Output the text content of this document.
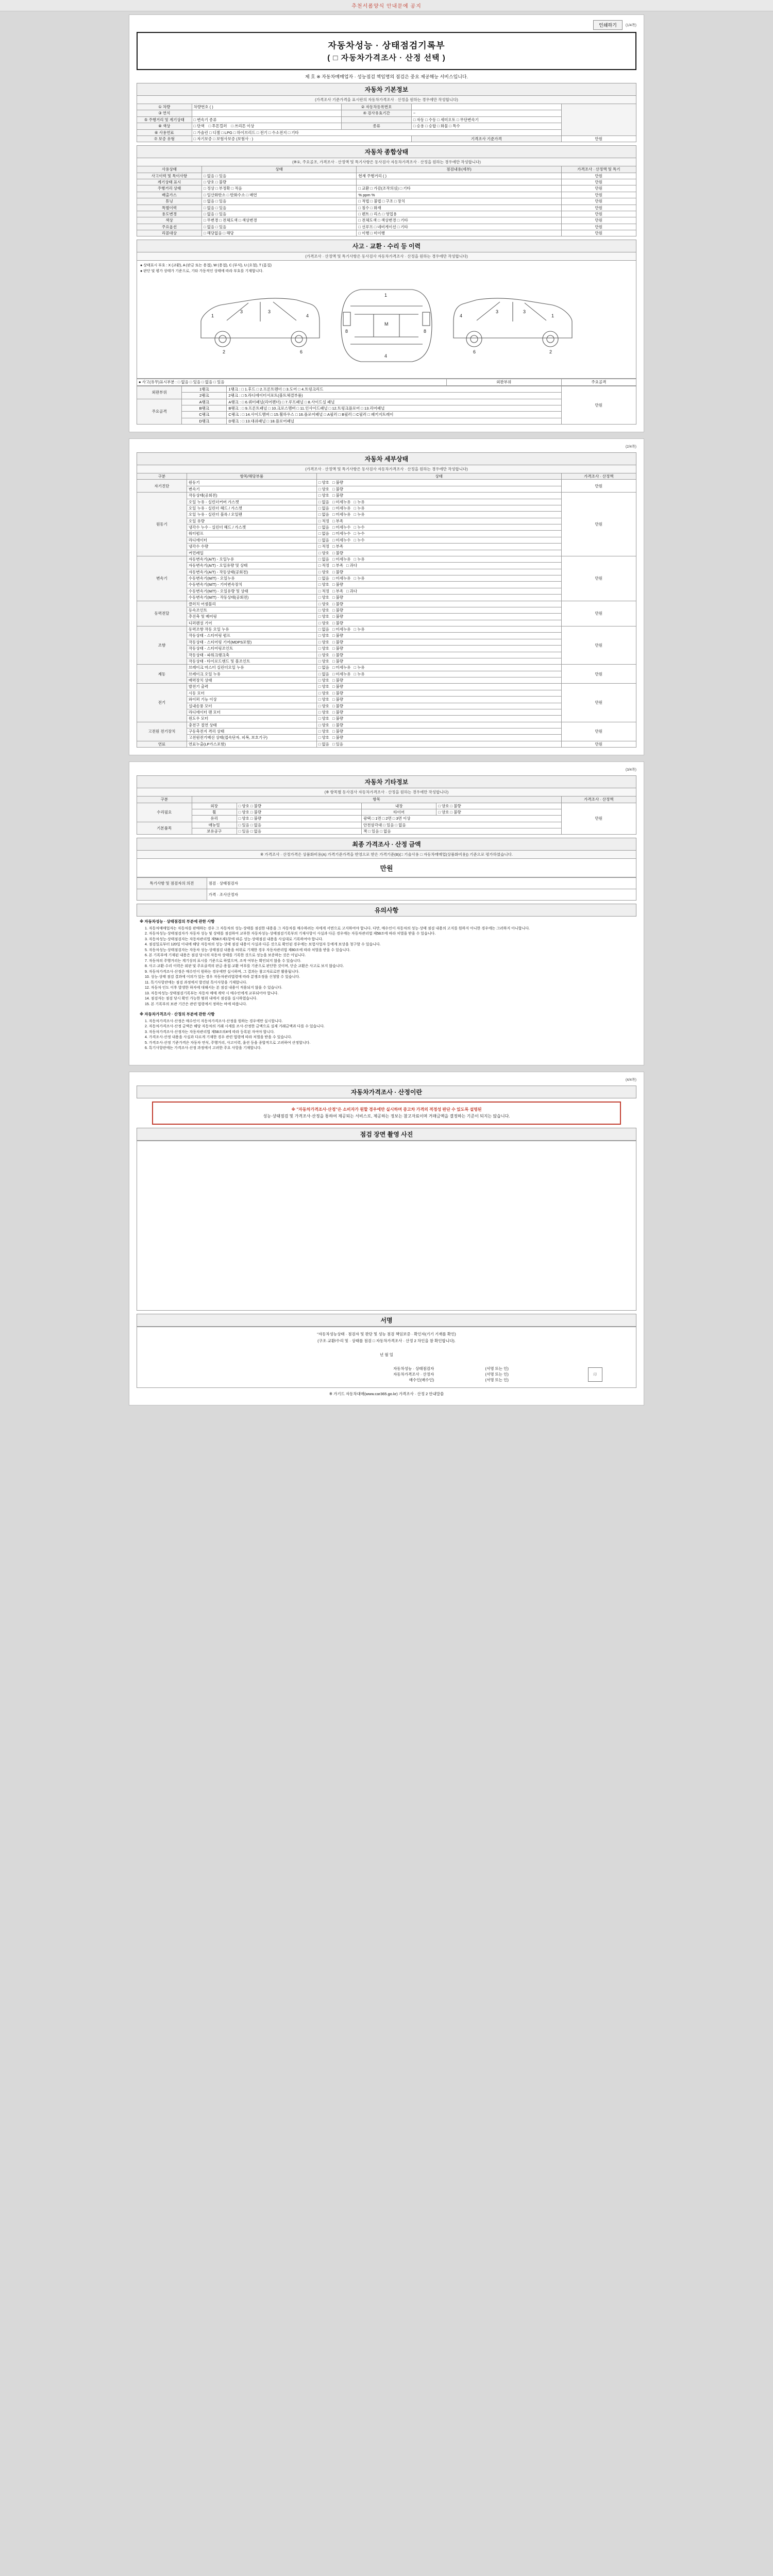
추천서폼양식 안내문예 공지
인쇄하기	(1/4쪽)
자동차성능 · 상태점검기록부
( □ 자동차가격조사 · 산정 선택 )
제 호 ※ 자동차매매업자 · 성능점검 책임명의 점검은 중요 제공해능 서비스입니다.
자동차 기본정보
(가격조사 기준가격을 표시란의 자동차가격조사 · 산정을 원하는 경우에만 작성합니다)
① 차량	차량번호 ( )	② 자동차등록번호		
③ 연식		④ 검사유효기간	~	
⑤ 주행거리 및 계기상태	□ 변속기 종류		□ 자동 □ 수동 □ 세미오토 □ 무단변속기	
⑧ 색상	□ 단색 □ 투톤컬러 □ 쓰리톤 이상	종류	□ 승용 □ 승합 □ 화물 □ 특수	
⑥ 사용연료	□ 가솔린 □ 디젤 □ LPG □ 하이브리드 □ 전기 □ 수소전지 □ 기타			
⑦ 보증 유형	□ 자기보증 □ 보험사보증 (보험사 : )		기격조사 기준가격	만원
자동차 종합상태
(※①, 주요골조, 가격조사 · 산정액 및 특기사항은 동사검사 자동차가격조사 · 산정을 원하는 경우에만 작성합니다)
사용상태	상태	점검내용(세부)	가격조사 · 산정액 및 특기
사고이력 및 특이사항	□ 없음 □ 있음	현재 주행거리 ( )	만원
계기상태 표시	□ 양호 □ 불량		만원
주행거리 상태	□ 정상 □ 부정확 □ 적음	□ 교환 □ 가감(조작의심) □ 기타	만원
배출가스	□ 일산화탄소 □ 탄화수소 □ 매연	% ppm %	만원
튜닝	□ 없음 □ 있음	□ 적법 □ 불법 □ 구조 □ 장치	만원
특별이력	□ 없음 □ 있음	□ 침수 □ 화재	만원
용도변경	□ 없음 □ 있음	□ 렌트 □ 리스 □ 영업용	만원
색상	□ 무변경 □ 전체도색 □ 색상변경	□ 전체도색 □ 색상변경 □ 기타	만원
주요옵션	□ 없음 □ 있음	□ 선루프 □ 네비게이션 □ 기타	만원
리콜대상	□ 해당없음 □ 해당	□ 이행 □ 미이행	만원
사고 · 교환 · 수리 등 이력
(가격조사 · 산정액 및 특기사항은 동사검사 자동차가격조사 · 산정을 원하는 경우에만 작성합니다)
● 상태표시 부호 : X (교환), A (판금 또는 용접), W (용접), C (부식), U (요철), T (흠집)
● 판단 및 평가 상태가 기준으로, 기타 가동적인 상태에 따라 부호를 기재합니다.
1
3	3
4
2	6
1
M
4
8	8
1
3
3
4
2
6
● 사고(유무)표시부분 : □ 없음 □ 있음 □ 없음 □ 있음	외판부위	주요골격
외판부위	1랭크	1랭크 : □ 1.후드 □ 2.프론트펜더 □ 3.도어 □ 4.트렁크리드	만원
	2랭크	2랭크 : □ 5.라디에이터서포트(볼트체결부품)	
주요골격	A랭크	A랭크 : □ 6.쿼터패널(리어펜더) □ 7.루프패널 □ 8.사이드실 패널	
	B랭크	B랭크 : □ 9.프론트패널 □ 10.크로스멤버 □ 11.인사이드패널 □ 12.트렁크플로어 □ 13.리어패널	
	C랭크	C랭크 : □ 14.사이드멤버 □ 15.휠하우스 □ 16.플로어패널 □ A필러 □ B필러 □ C필러 □ 패키지트레이	
	D랭크	D랭크 : □ 13.대쉬패널 □ 18.플로어패널	
(2/4쪽)
자동차 세부상태
(가격조사 · 산정액 및 특기사항은 동사검사 자동차가격조사 · 산정을 원하는 경우에만 작성합니다)
구분	항목/해당부품	상태	가격조사 · 산정액
자기진단	원동기	□ 양호 □ 불량	만원
	변속기	□ 양호 □ 불량	
원동기	작동상태(공회전)	□ 양호 □ 불량	만원
	오일 누유 - 실린더커버 가스켓	□ 없음 □ 미세누유 □ 누유	
	오일 누유 - 실린더 헤드 / 가스켓	□ 없음 □ 미세누유 □ 누유	
	오일 누유 - 실린더 블록 / 오일팬	□ 없음 □ 미세누유 □ 누유	
	오일 유량	□ 적정 □ 부족	
	냉각수 누수 - 실린더 헤드 / 가스켓	□ 없음 □ 미세누수 □ 누수	
	워터펌프	□ 없음 □ 미세누수 □ 누수	
	라디에이터	□ 없음 □ 미세누수 □ 누수	
	냉각수 수량	□ 적정 □ 부족	
	커먼레일	□ 양호 □ 불량	
변속기	자동변속기(A/T) - 오일누유	□ 없음 □ 미세누유 □ 누유	만원
	자동변속기(A/T) - 오일유량 및 상태	□ 적정 □ 부족 □ 과다	
	자동변속기(A/T) - 작동상태(공회전)	□ 양호 □ 불량	
	수동변속기(M/T) - 오일누유	□ 없음 □ 미세누유 □ 누유	
	수동변속기(M/T) - 기어변속장치	□ 양호 □ 불량	
	수동변속기(M/T) - 오일유량 및 상태	□ 적정 □ 부족 □ 과다	
	수동변속기(M/T) - 작동상태(공회전)	□ 양호 □ 불량	
동력전달	클러치 어셈블리	□ 양호 □ 불량	만원
	등속조인트	□ 양호 □ 불량	
	추진축 및 베어링	□ 양호 □ 불량	
	디퍼렌셜 기어	□ 양호 □ 불량	
조향	동력조향 작동 오일 누유	□ 없음 □ 미세누유 □ 누유	만원
	작동상태 - 스티어링 펌프	□ 양호 □ 불량	
	작동상태 - 스티어링 기어(MDPS포함)	□ 양호 □ 불량	
	작동상태 - 스티어링조인트	□ 양호 □ 불량	
	작동상태 - 파워크랭크축	□ 양호 □ 불량	
	작동상태 - 타이로드엔드 및 볼조인트	□ 양호 □ 불량	
제동	브레이크 마스터 실린더오일 누유	□ 없음 □ 미세누유 □ 누유	만원
	브레이크 오일 누유	□ 없음 □ 미세누유 □ 누유	
	배력장치 상태	□ 양호 □ 불량	
전기	발전기 출력	□ 양호 □ 불량	만원
	시동 모터	□ 양호 □ 불량	
	와이퍼 기능 이상	□ 양호 □ 불량	
	실내송풍 모터	□ 양호 □ 불량	
	라디에이터 팬 모터	□ 양호 □ 불량	
	윈도우 모터	□ 양호 □ 불량	
고전원 전기장치	충전구 절연 상태	□ 양호 □ 불량	만원
	구동축전지 격리 상태	□ 양호 □ 불량	
	고전원전기배선 상태(접속단자, 피복, 보호기구)	□ 양호 □ 불량	
연료	연료누출(LP가스포함)	□ 없음 □ 있음	만원
(3/4쪽)
자동차 기타정보
(※ 항목별 동사검사 자동차가격조사 · 산정을 원하는 경우에만 작성합니다)
구분	항목				가격조사 · 산정액
수리필요	외장	□ 양호 □ 불량	내장	□ 양호 □ 불량	만원
	휠	□ 양호 □ 불량	타이어	□ 양호 □ 불량	
	유리	□ 양호 □ 불량	광택 □ 1면 □ 2면 □ 3면 이상		
기본품목	매뉴얼	□ 있음 □ 없음	안전삼각대 □ 있음 □ 없음		
	보유공구	□ 있음 □ 없음	잭 □ 있음 □ 없음		
최종 가격조사 · 산정 금액
※ 가격조사 · 산정가격은 상품화비용(A) 가격기준가격을 반영으로 받은 가격기준(B)(□ 기술사용 □ 자동차매매업(상품화비용)) 기준으로 평가하였습니다.
만원
특기사항 및 점검자의 의견	점검 · 상태점검자
	가격 · 조사산정자
유의사항
※ 자동차성능 · 상태점검의 부분에 관한 사항
1. 자동차매매업자는 자동차를 판매하는 경우 그 자동차의 성능·상태를 점검한 내용을 그 자동차를 매수하려는 자에게 서면으로 고지하여야 합니다. 다만, 매수인이 자동차의 성능·상태 점검 내용의 고지를 원하지 아니한 경우에는 그러하지 아니합니다.
2. 자동차성능·상태점검자가 자동차 성능 및 상태를 점검하여 교부한 자동차성능·상태점검기록부의 기재사항이 사실과 다른 경우에는 자동차관리법 제58조에 따라 처벌을 받을 수 있습니다.
3. 자동차성능·상태점검자는 자동차관리법 제58조제1항에 따른 성능·상태점검 내용을 사실대로 기록하여야 합니다.
4. 점검일로부터 120일 이내에 해당 자동차의 성능·상태 점검 내용이 사실과 다른 것으로 확인된 경우에는 보험사업자 등에게 보상을 청구할 수 있습니다.
5. 자동차성능·상태점검자는 자동차 성능·상태점검 내용을 허위로 기재한 경우 자동차관리법 제80조에 따라 처벌을 받을 수 있습니다.
6. 본 기록부에 기재된 내용은 점검 당시의 자동차 상태를 기록한 것으로 성능을 보증하는 것은 아닙니다.
7. 자동차의 주행거리는 계기상의 표시를 기준으로 하였으며, 조작 여부는 확인되지 않을 수 있습니다.
8. 사고·교환·수리 이력은 외판 및 주요골격의 판금·용접·교환 여부를 기준으로 판단한 것이며, 단순 교환은 사고로 보지 않습니다.
9. 자동차가격조사·산정은 매수인이 원하는 경우에만 실시하며, 그 결과는 참고자료로만 활용됩니다.
10. 성능·상태 점검 결과에 이의가 있는 경우 자동차관리법령에 따라 분쟁조정을 신청할 수 있습니다.
11. 특기사항란에는 점검 과정에서 발견된 특이사항을 기재합니다.
12. 자동차 인도 이후 발생한 하자에 대해서는 본 점검 내용이 적용되지 않을 수 있습니다.
13. 자동차성능·상태점검기록부는 자동차 매매 계약 시 매수인에게 교부되어야 합니다.
14. 점검자는 점검 당시 확인 가능한 범위 내에서 점검을 실시하였습니다.
15. 본 기록부의 보관 기간은 관련 법령에서 정하는 바에 따릅니다.
※ 자동차가격조사 · 산정의 부분에 관한 사항
1. 자동차가격조사·산정은 매수인이 자동차가격조사·산정을 원하는 경우에만 실시합니다.
2. 자동차가격조사·산정 금액은 해당 자동차의 거래 시세를 조사·산정한 금액으로 실제 거래금액과 다를 수 있습니다.
3. 자동차가격조사·산정자는 자동차관리법 제58조의4에 따라 등록된 자여야 합니다.
4. 가격조사·산정 내용을 사실과 다르게 기재한 경우 관련 법령에 따라 처벌을 받을 수 있습니다.
5. 가격조사·산정 기준가격은 자동차 연식, 주행거리, 사고이력, 옵션 등을 종합적으로 고려하여 산정합니다.
6. 특기사항란에는 가격조사·산정 과정에서 고려한 주요 사항을 기재합니다.
(4/4쪽)
자동차가격조사 · 산정이란
※ "자동차가격조사·산정"은 소비자가 원할 경우에만 실시하며 중고차 가격의 적정성 판단 수 있도록 설명된
성능·상태점검 및 가격조사·산정을 통하여 제공되는 서비스로, 제공하는 정보는 참고자료이며 거래금액을 결정하는 기준이 되지는 않습니다.
점검 장면 촬영 사진
서명
"자동차성능상태 · 점검자 및 판단 및 성능 점검 책임보증 · 확인자(기기 기재를 확인)
(구조·교환/수리 및 · 상태를 점검 □ 자동차가격조사 · 산정 2 차인을 참 확인합니다).
년 월 일
자동차성능 · 상태점검자	(서명 또는 인)	印
자동차가격조사 · 산정자	(서명 또는 인)	
매수인(매수인)	(서명 또는 인)	
※ 가기드 자동차대매(www.car365.go.kr) 가격조사 · 산정 2 안내말씀
